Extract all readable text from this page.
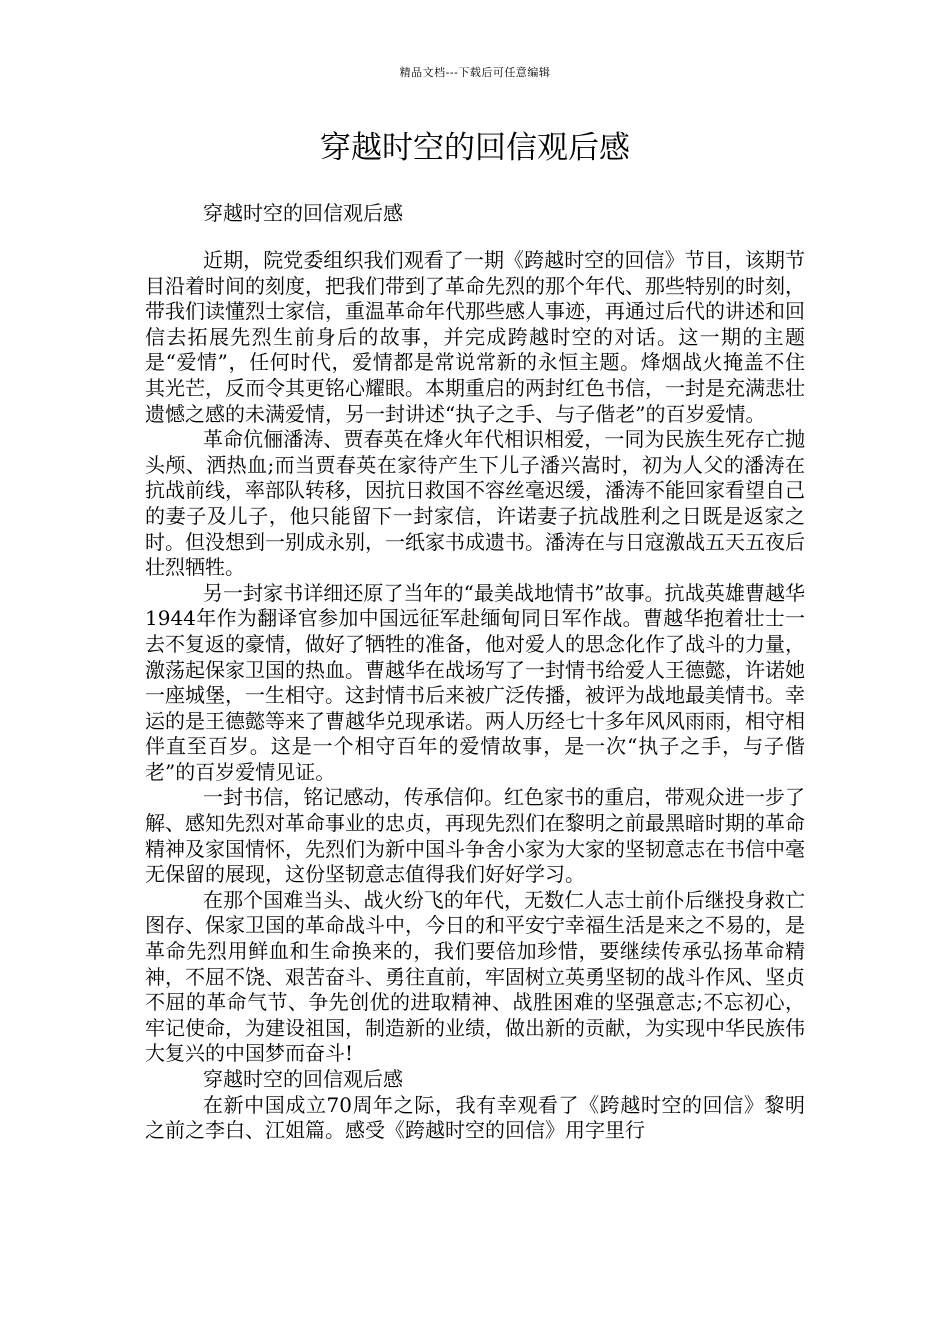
精品文档---下载后可任意编辑
穿越时空的回信观后感
穿越时空的回信观后感

近期，院党委组织我们观看了一期《跨越时空的回信》节目，该期节目沿着时间的刻度，把我们带到了革命先烈的那个年代、那些特别的时刻，带我们读懂烈士家信，重温革命年代那些感人事迹，再通过后代的讲述和回信去拓展先烈生前身后的故事，并完成跨越时空的对话。这一期的主题是“爱情”，任何时代，爱情都是常说常新的永恒主题。烽烟战火掩盖不住其光芒，反而令其更铭心耀眼。本期重启的两封红色书信，一封是充满悲壮遗憾之感的未满爱情，另一封讲述“执子之手、与子偕老”的百岁爱情。

革命伉俪潘涛、贾春英在烽火年代相识相爱，一同为民族生死存亡抛头颅、洒热血;而当贾春英在家待产生下儿子潘兴嵩时，初为人父的潘涛在抗战前线，率部队转移，因抗日救国不容丝毫迟缓，潘涛不能回家看望自己的妻子及儿子，他只能留下一封家信，许诺妻子抗战胜利之日既是返家之时。但没想到一别成永别，一纸家书成遗书。潘涛在与日寇激战五天五夜后壮烈牺牲。

另一封家书详细还原了当年的“最美战地情书”故事。抗战英雄曹越华1944年作为翻译官参加中国远征军赴缅甸同日军作战。曹越华抱着壮士一去不复返的豪情，做好了牺牲的准备，他对爱人的思念化作了战斗的力量，激荡起保家卫国的热血。曹越华在战场写了一封情书给爱人王德懿，许诺她一座城堡，一生相守。这封情书后来被广泛传播，被评为战地最美情书。幸运的是王德懿等来了曹越华兑现承诺。两人历经七十多年风风雨雨，相守相伴直至百岁。这是一个相守百年的爱情故事，是一次“执子之手，与子偕老”的百岁爱情见证。

一封书信，铭记感动，传承信仰。红色家书的重启，带观众进一步了解、感知先烈对革命事业的忠贞，再现先烈们在黎明之前最黑暗时期的革命精神及家国情怀，先烈们为新中国斗争舍小家为大家的坚韧意志在书信中毫无保留的展现，这份坚韧意志值得我们好好学习。

在那个国难当头、战火纷飞的年代，无数仁人志士前仆后继投身救亡图存、保家卫国的革命战斗中，今日的和平安宁幸福生活是来之不易的，是革命先烈用鲜血和生命换来的，我们要倍加珍惜，要继续传承弘扬革命精神，不屈不饶、艰苦奋斗、勇往直前，牢固树立英勇坚韧的战斗作风、坚贞不屈的革命气节、争先创优的进取精神、战胜困难的坚强意志;不忘初心，牢记使命，为建设祖国，制造新的业绩，做出新的贡献，为实现中华民族伟大复兴的中国梦而奋斗!

穿越时空的回信观后感

在新中国成立70周年之际，我有幸观看了《跨越时空的回信》黎明之前之李白、江姐篇。感受《跨越时空的回信》用字里行
